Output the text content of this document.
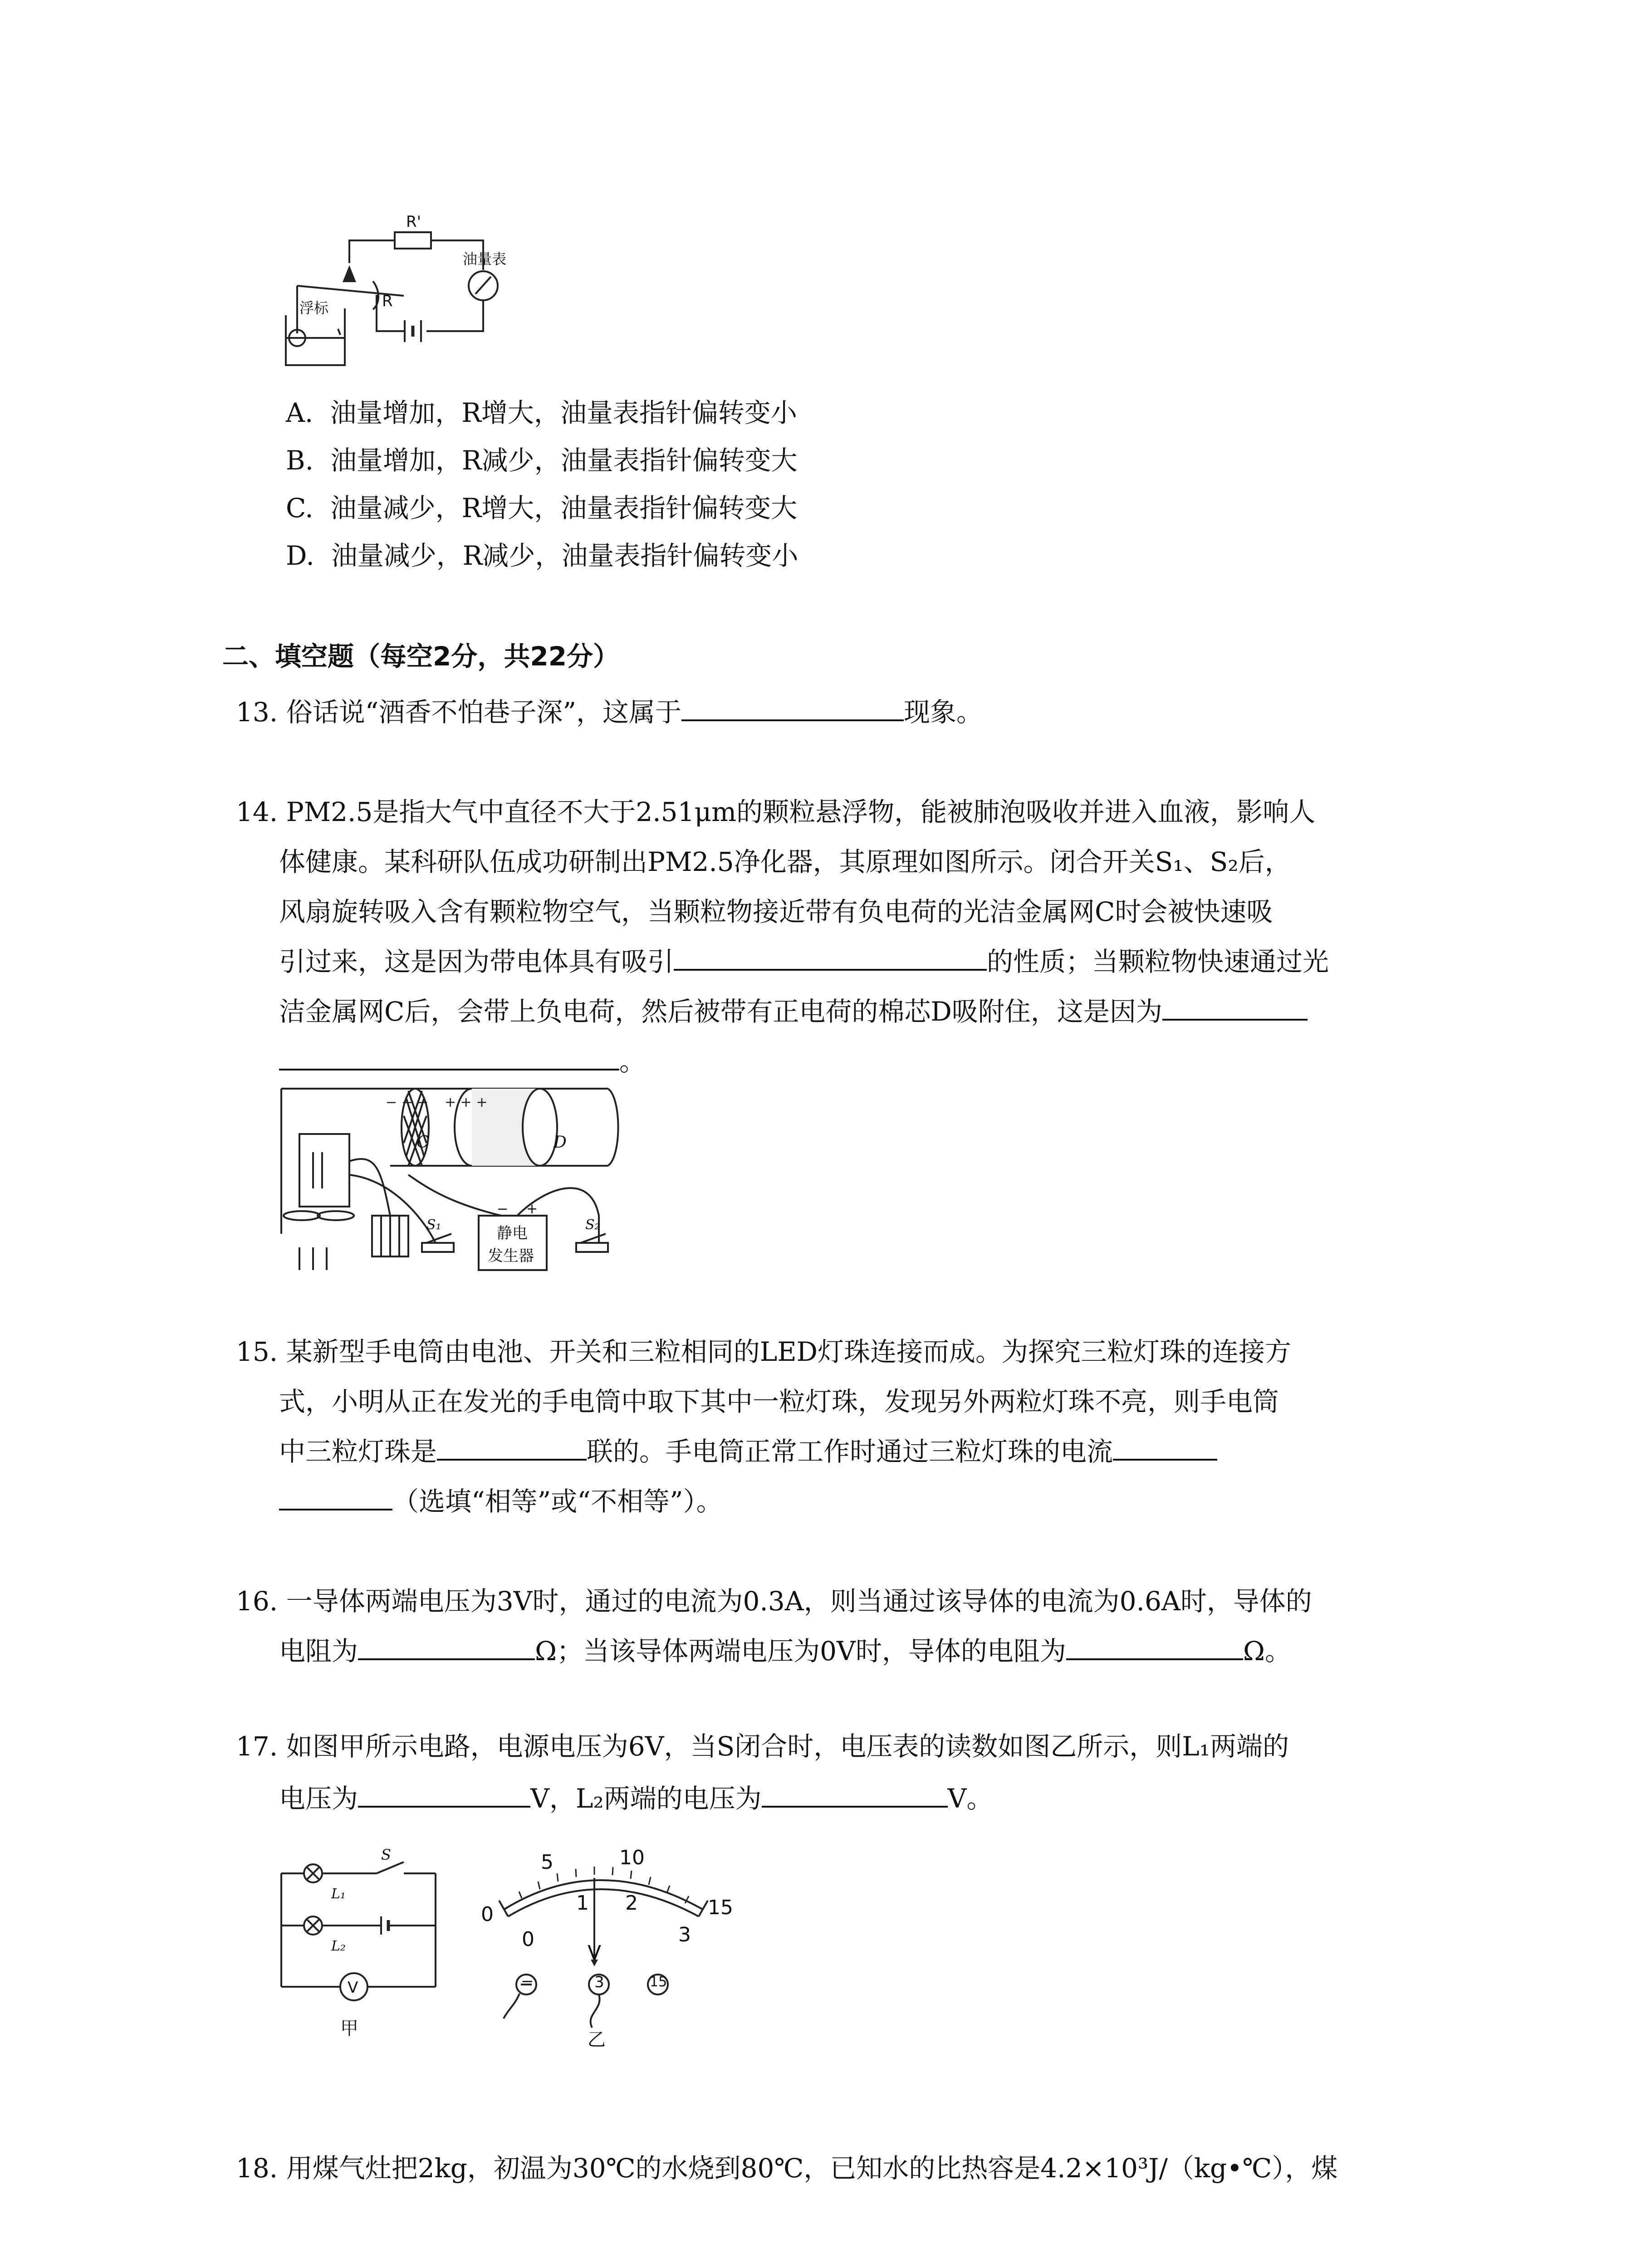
R'
R
油量表
浮标
A. 油量增加，R增大，油量表指针偏转变小
B. 油量增加，R减少，油量表指针偏转变大
C. 油量减少，R增大，油量表指针偏转变大
D. 油量减少，R减少，油量表指针偏转变小
二、填空题（每空2分，共22分）
13. 俗话说“酒香不怕巷子深”，这属于	现象。
14. PM2.5是指大气中直径不大于2.51μm的颗粒悬浮物，能被肺泡吸收并进入血液，影响人
体健康。某科研队伍成功研制出PM2.5净化器，其原理如图所示。闭合开关S₁、S₂后，
风扇旋转吸入含有颗粒物空气，当颗粒物接近带有负电荷的光洁金属网C时会被快速吸
引过来，这是因为带电体具有吸引	的性质；当颗粒物快速通过光
洁金属网C后，会带上负电荷，然后被带有正电荷的棉芯D吸附住，这是因为
。
− − − + + +
C	D
S₁	S₂
静电
发生器
− +
15. 某新型手电筒由电池、开关和三粒相同的LED灯珠连接而成。为探究三粒灯珠的连接方
式，小明从正在发光的手电筒中取下其中一粒灯珠，发现另外两粒灯珠不亮，则手电筒
中三粒灯珠是	联的。手电筒正常工作时通过三粒灯珠的电流
（选填“相等”或“不相等”）。
16. 一导体两端电压为3V时，通过的电流为0.3A，则当通过该导体的电流为0.6A时，导体的
电阻为	Ω；当该导体两端电压为0V时，导体的电阻为	Ω。
17. 如图甲所示电路，电源电压为6V，当S闭合时，电压表的读数如图乙所示，则L₁两端的
电压为	V，L₂两端的电压为	V。
S
L₁
L₂
V
甲
0
5	10
15
0
1 2
3
V
−	3	15
乙
18. 用煤气灶把2kg，初温为30℃的水烧到80℃，已知水的比热容是4.2×10³J/（kg•℃），煤
